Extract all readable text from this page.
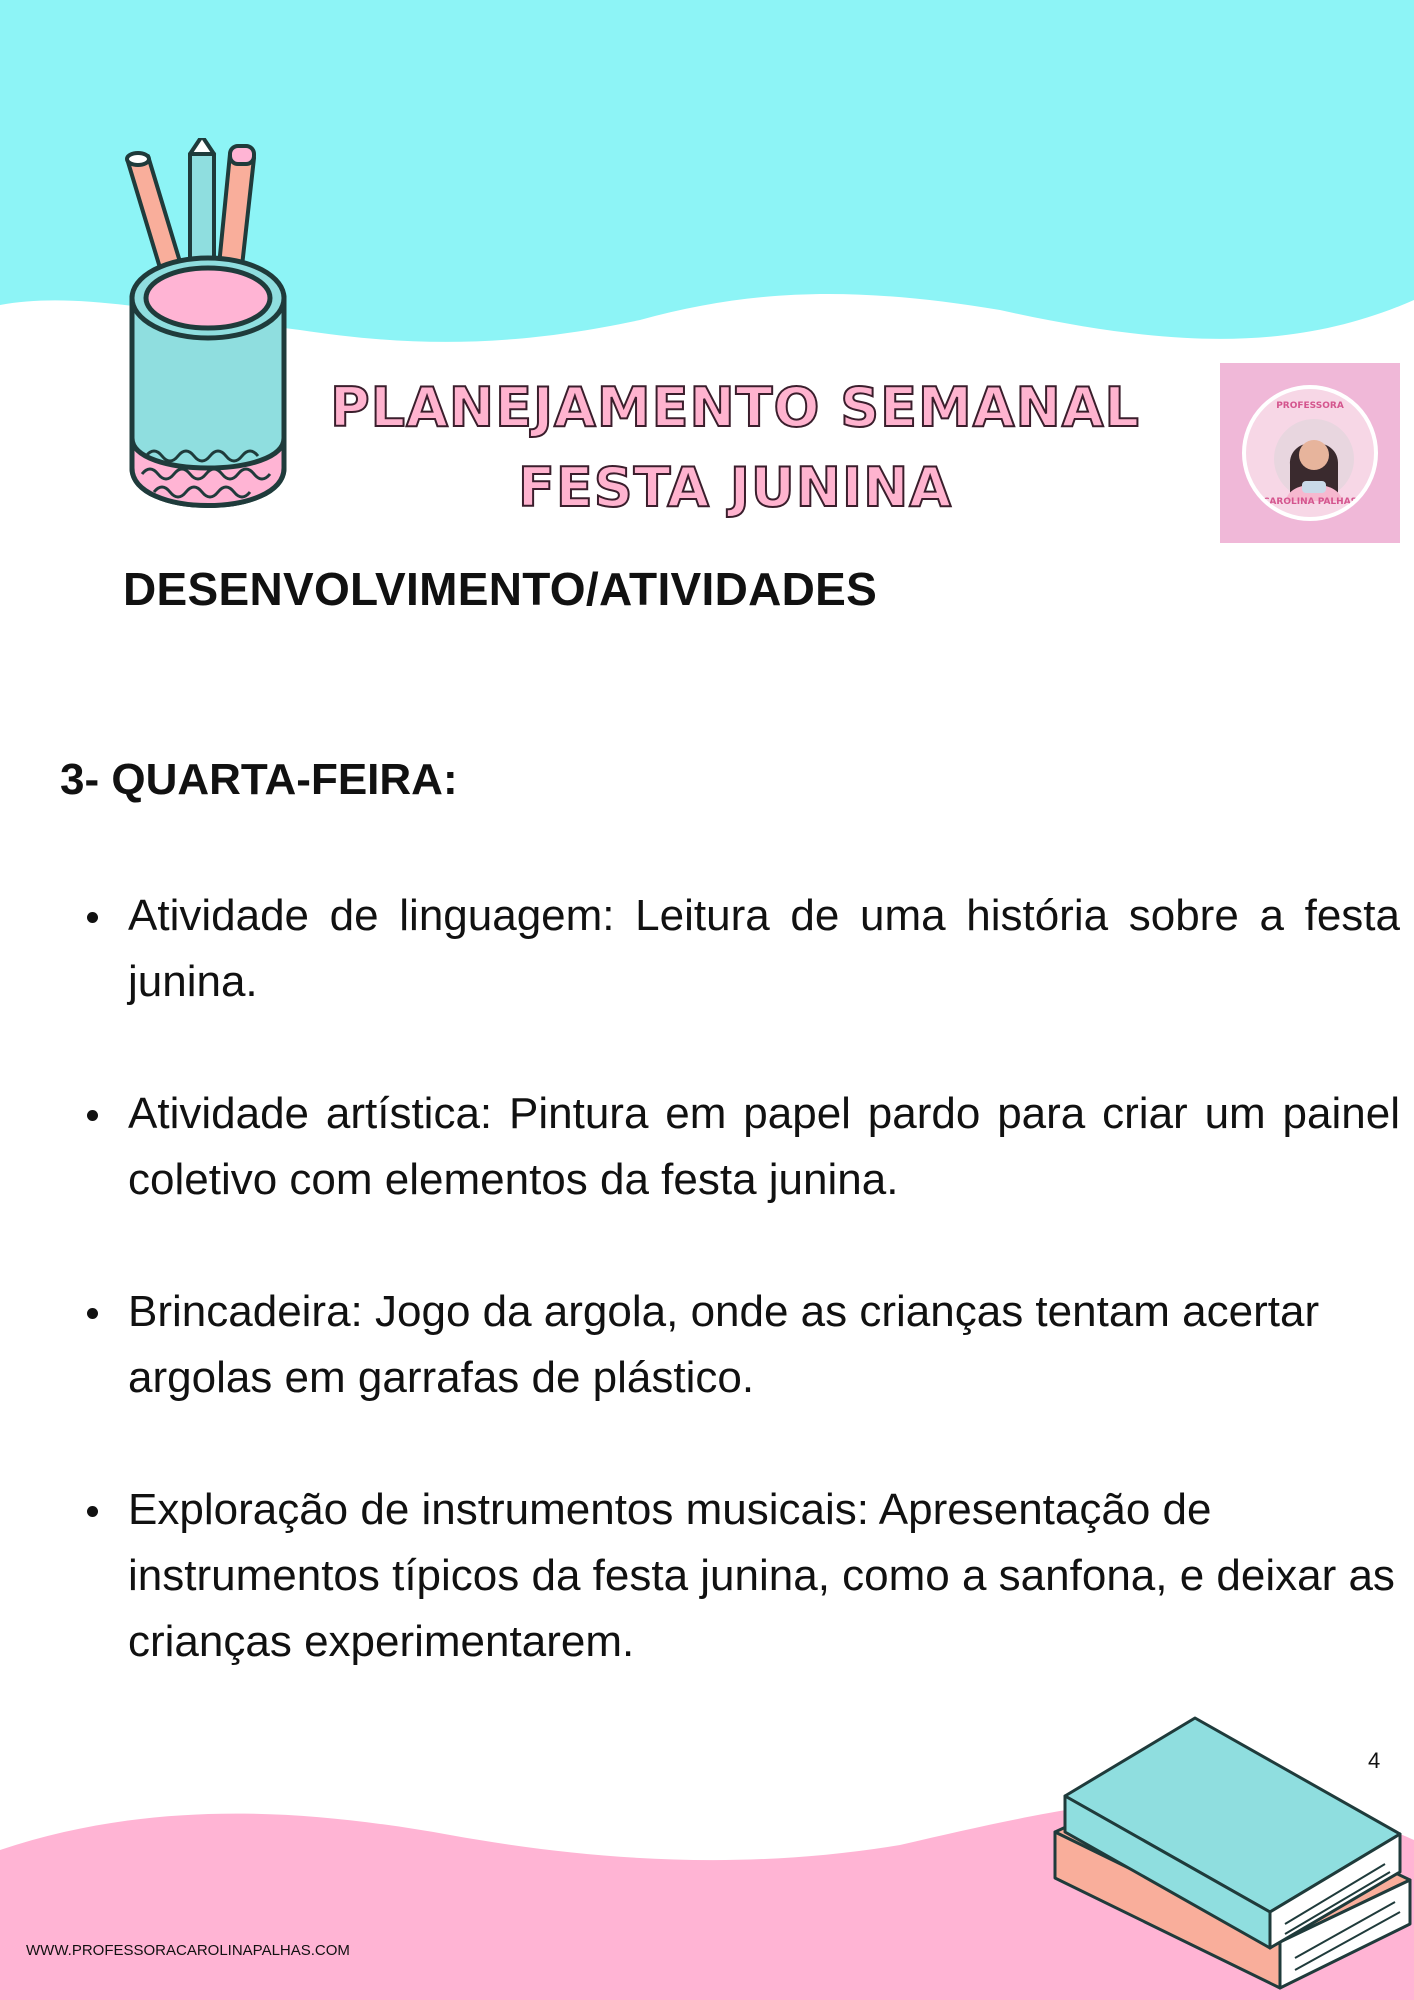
PLANEJAMENTO SEMANAL
FESTA JUNINA
PROFESSORA
CAROLINA PALHAS
DESENVOLVIMENTO/ATIVIDADES
3- QUARTA-FEIRA:
Atividade de linguagem: Leitura de uma história sobre a festa junina.
Atividade artística: Pintura em papel pardo para criar um painel coletivo com elementos da festa junina.
Brincadeira: Jogo da argola, onde as crianças tentam acertar argolas em garrafas de plástico.
Exploração de instrumentos musicais: Apresentação de instrumentos típicos da festa junina, como a sanfona, e deixar as crianças experimentarem.
4
WWW.PROFESSORACAROLINAPALHAS.COM
